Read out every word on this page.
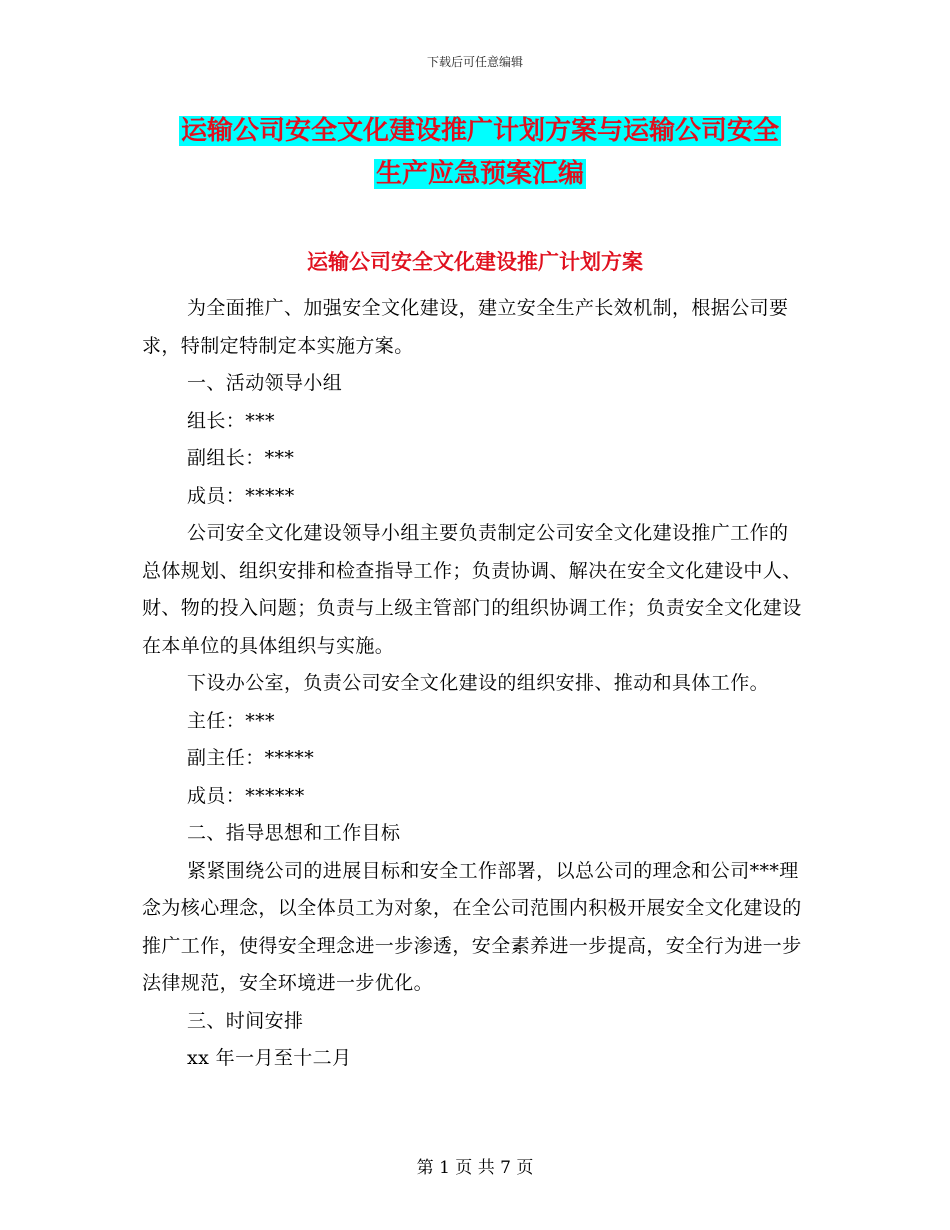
下载后可任意编辑
运输公司安全文化建设推广计划方案与运输公司安全
生产应急预案汇编
运输公司安全文化建设推广计划方案

为全面推广、加强安全文化建设，建立安全生产长效机制，根据公司要求，特制定特制定本实施方案。

一、活动领导小组

组长：***

副组长：***

成员：*****

公司安全文化建设领导小组主要负责制定公司安全文化建设推广工作的总体规划、组织安排和检查指导工作；负责协调、解决在安全文化建设中人、财、物的投入问题；负责与上级主管部门的组织协调工作；负责安全文化建设在本单位的具体组织与实施。

下设办公室，负责公司安全文化建设的组织安排、推动和具体工作。

主任：***

副主任：*****

成员：******

二、指导思想和工作目标

紧紧围绕公司的进展目标和安全工作部署，以总公司的理念和公司***理念为核心理念，以全体员工为对象，在全公司范围内积极开展安全文化建设的推广工作，使得安全理念进一步渗透，安全素养进一步提高，安全行为进一步法律规范，安全环境进一步优化。

三、时间安排

xx 年一月至十二月

第 1 页 共 7 页
